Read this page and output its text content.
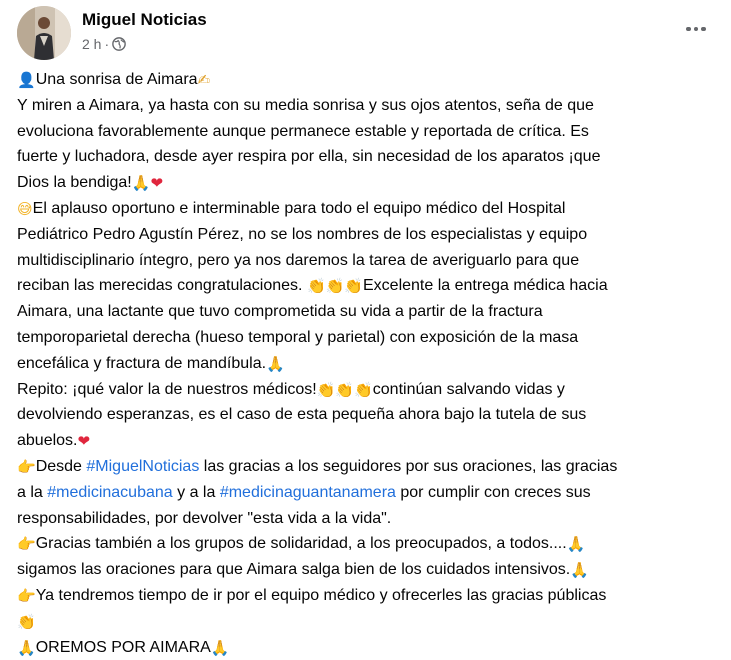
Miguel Noticias
2 h ·
👤Una sonrisa de Aimara✍
Y miren a Aimara, ya hasta con su media sonrisa y sus ojos atentos, seña de que
evoluciona favorablemente aunque permanece estable y reportada de crítica. Es
fuerte y luchadora, desde ayer respira por ella, sin necesidad de los aparatos ¡que
Dios la bendiga!🙏❤
😅El aplauso oportuno e interminable para todo el equipo médico del Hospital
Pediátrico Pedro Agustín Pérez, no se los nombres de los especialistas y equipo
multidisciplinario íntegro, pero ya nos daremos la tarea de averiguarlo para que
reciban las merecidas congratulaciones. 👏👏👏Excelente la entrega médica hacia
Aimara, una lactante que tuvo comprometida su vida a partir de la fractura
temporoparietal derecha (hueso temporal y parietal) con exposición de la masa
encefálica y fractura de mandíbula.🙏
Repito: ¡qué valor la de nuestros médicos!👏👏👏continúan salvando vidas y
devolviendo esperanzas, es el caso de esta pequeña ahora bajo la tutela de sus
abuelos.❤
👉Desde #MiguelNoticias las gracias a los seguidores por sus oraciones, las gracias
a la #medicinacubana y a la #medicinaguantanamera por cumplir con creces sus
responsabilidades, por devolver "esta vida a la vida".
👉Gracias también a los grupos de solidaridad, a los preocupados, a todos....🙏
sigamos las oraciones para que Aimara salga bien de los cuidados intensivos.🙏
👉Ya tendremos tiempo de ir por el equipo médico y ofrecerles las gracias públicas
👏
🙏OREMOS POR AIMARA🙏
